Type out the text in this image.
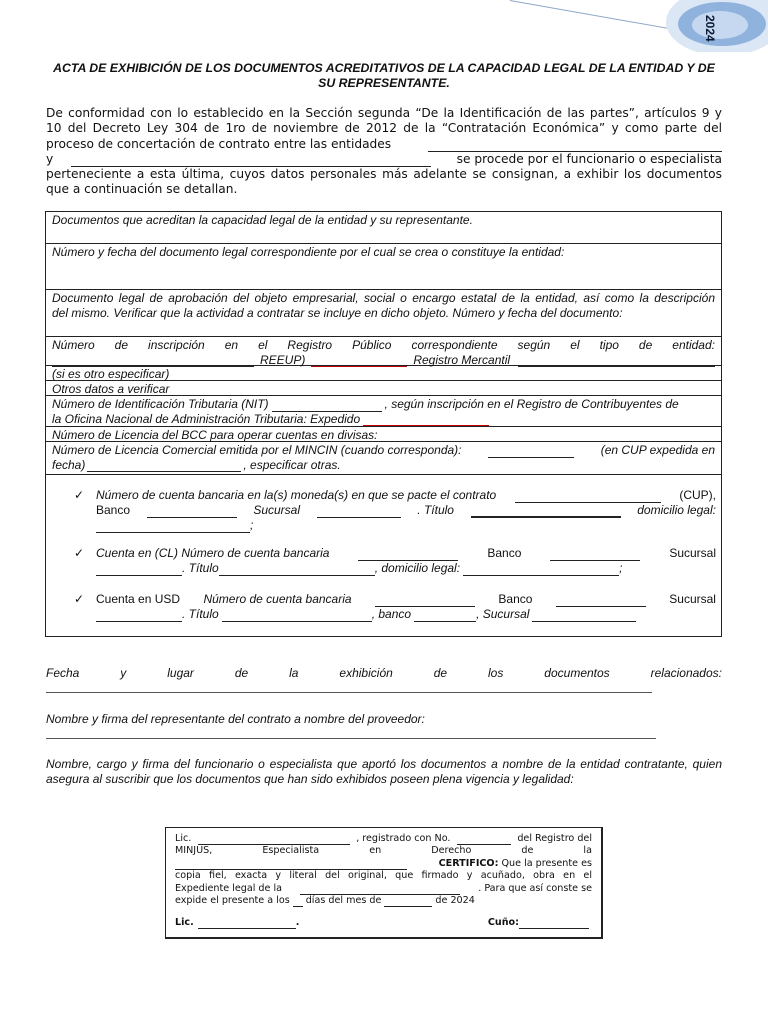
2024
ACTA DE EXHIBICIÓN DE LOS DOCUMENTOS ACREDITATIVOS DE LA CAPACIDAD LEGAL DE LA ENTIDAD Y DE SU REPRESENTANTE.
De conformidad con lo establecido en la Sección segunda “De la Identificación de las partes”, artículos 9 y
10 del Decreto Ley 304 de 1ro de noviembre de 2012 de la “Contratación Económica” y como parte del
proceso de concertación de contrato entre las entidades
y	se procede por el funcionario o especialista
perteneciente a esta última, cuyos datos personales más adelante se consignan, a exhibir los documentos
que a continuación se detallan.
Documentos que acreditan la capacidad legal de la entidad y su representante.
Número y fecha del documento legal correspondiente por el cual se crea o constituye la entidad:
Documento legal de aprobación del objeto empresarial, social o encargo estatal de la entidad, así como la descripción
del mismo. Verificar que la actividad a contratar se incluye en dicho objeto. Número y fecha del documento:
Número de inscripción en el Registro Público correspondiente según el tipo de entidad:
REEUP)	Registro Mercantil
(si es otro especificar)
Otros datos a verificar
Número de Identificación Tributaria (NIT)	, según inscripción en el Registro de Contribuyentes de
la Oficina Nacional de Administración Tributaria: Expedido
Número de Licencia del BCC para operar cuentas en divisas:
Número de Licencia Comercial emitida por el MINCIN (cuando corresponda):	(en CUP expedida en
fecha)	, especificar otras.
✓ Número de cuenta bancaria en la(s) moneda(s) en que se pacte el contrato	(CUP),
Banco	Sucursal	. Título	domicilio legal:
;
✓ Cuenta en (CL) Número de cuenta bancaria	Banco	Sucursal
. Título	, domicilio legal:	;
✓ Cuenta en USD Número de cuenta bancaria	Banco	Sucursal
. Título	, banco	, Sucursal
Fecha y lugar de la exhibición de los documentos relacionados:
Nombre y firma del representante del contrato a nombre del proveedor:
Nombre, cargo y firma del funcionario o especialista que aportó los documentos a nombre de la entidad contratante, quien asegura al suscribir que los documentos que han sido exhibidos poseen plena vigencia y legalidad:

Lic.	, registrado con No.	del Registro del

MINJUS,	Especialista	en	Derecho	de	la

CERTIFICO: Que la presente es

copia fiel, exacta y literal del original, que firmado y acuñado, obra en el

Expediente legal de la	. Para que así conste se

expide el presente a los días del mes de	de 2024

Lic.	.	Cuño:
